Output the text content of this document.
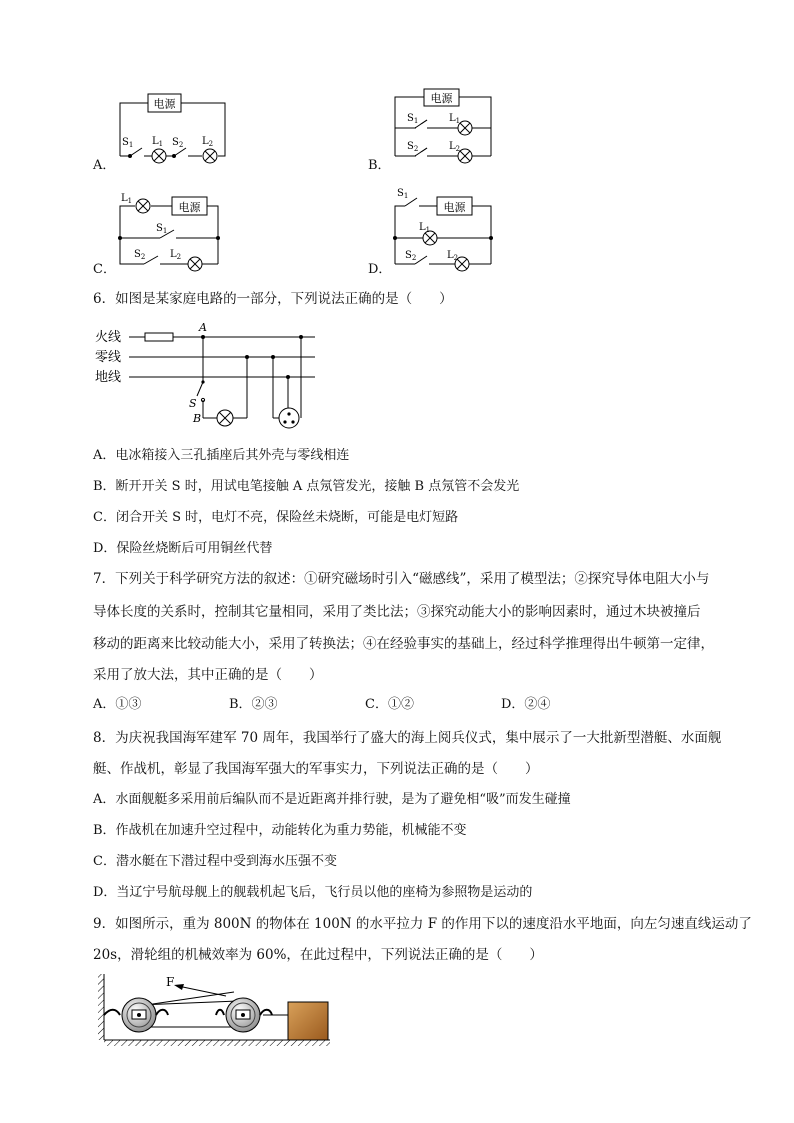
电源
$S_1$ $L_1$ $S_2$ $L_2$
A．
电源
$S_1$	$L_1$
$S_2$	$L_2$
B．
电源
$L_1$
$S_1$
$S_2$ $L_2$
C．
电源
$S_1$
$L_1$
$S_2$	$L_2$
D．
6．如图是某家庭电路的一部分，下列说法正确的是（　　）
火线
零线
地线
A
S
B
A．电冰箱接入三孔插座后其外壳与零线相连
B．断开开关 S 时，用试电笔接触 A 点氖管发光，接触 B 点氖管不会发光
C．闭合开关 S 时，电灯不亮，保险丝未烧断，可能是电灯短路
D．保险丝烧断后可用铜丝代替
7．下列关于科学研究方法的叙述：①研究磁场时引入“磁感线”，采用了模型法；②探究导体电阻大小与
导体长度的关系时，控制其它量相同，采用了类比法；③探究动能大小的影响因素时，通过木块被撞后
移动的距离来比较动能大小，采用了转换法；④在经验事实的基础上，经过科学推理得出牛顿第一定律，
采用了放大法，其中正确的是（　　）
A．①③	B．②③	C．①②	D．②④
8．为庆祝我国海军建军 70 周年，我国举行了盛大的海上阅兵仪式，集中展示了一大批新型潜艇、水面舰
艇、作战机，彰显了我国海军强大的军事实力，下列说法正确的是（　　）
A．水面舰艇多采用前后编队而不是近距离并排行驶，是为了避免相“吸”而发生碰撞
B．作战机在加速升空过程中，动能转化为重力势能，机械能不变
C．潜水艇在下潜过程中受到海水压强不变
D．当辽宁号航母舰上的舰载机起飞后，飞行员以他的座椅为参照物是运动的
9．如图所示，重为 800N 的物体在 100N 的水平拉力 F 的作用下以的速度沿水平地面，向左匀速直线运动了
20s，滑轮组的机械效率为 60%，在此过程中，下列说法正确的是（　　）
F
